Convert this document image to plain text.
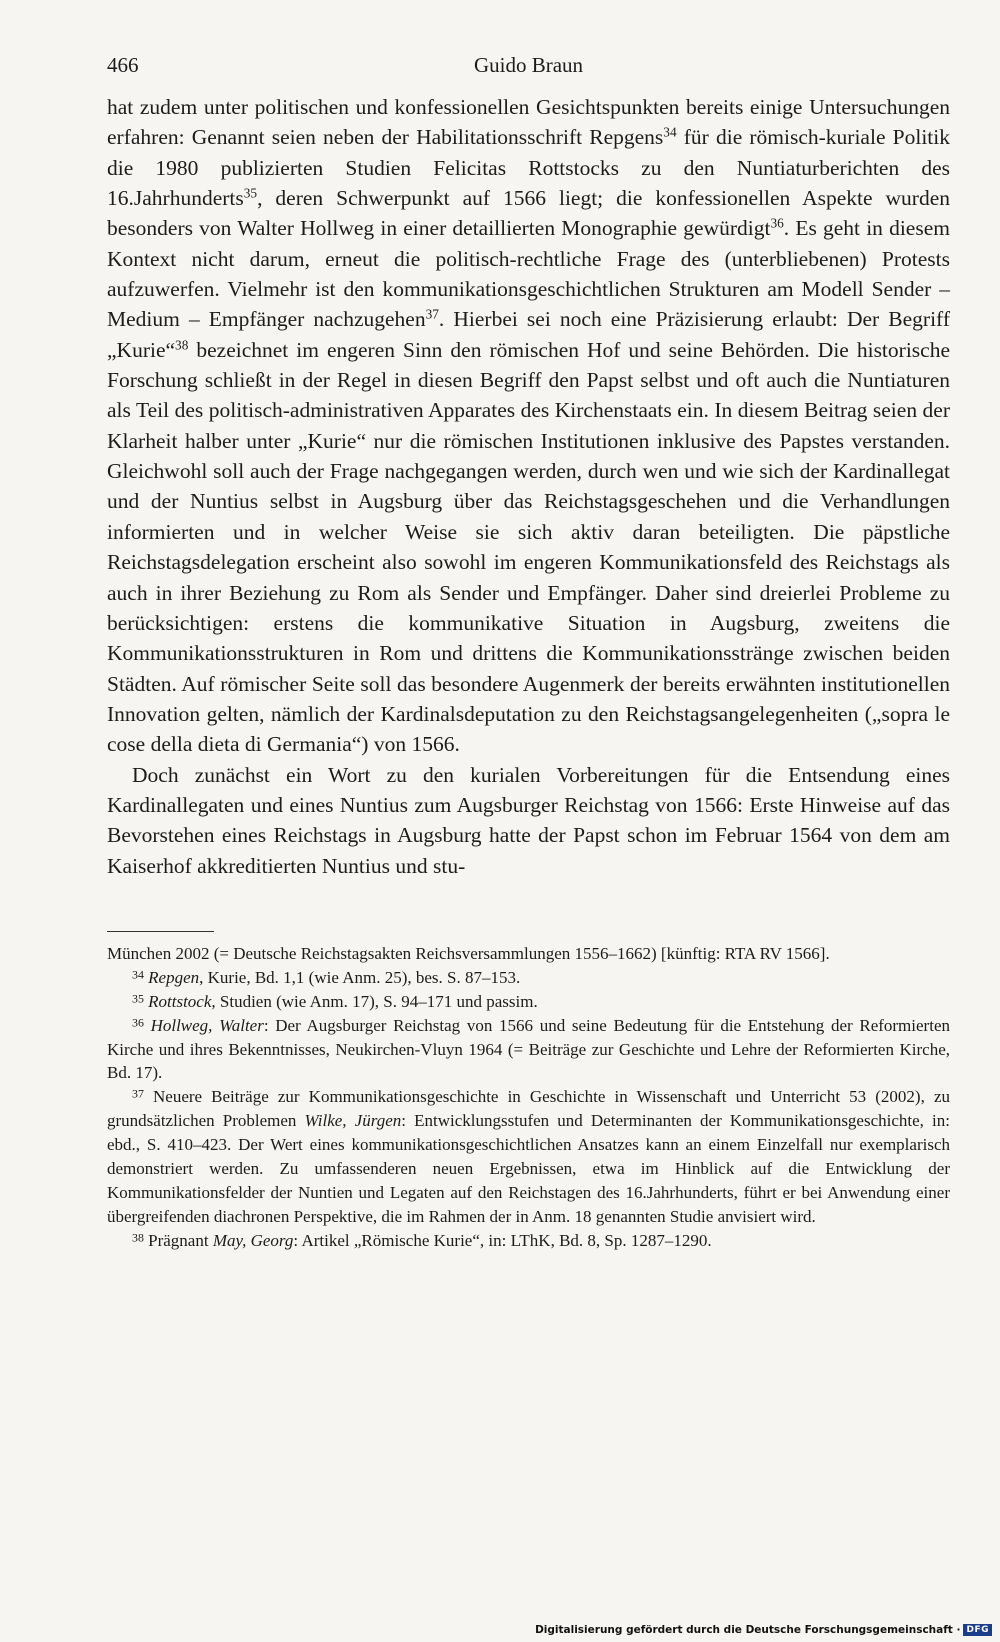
466	Guido Braun

hat zudem unter politischen und konfessionellen Gesichtspunkten bereits einige Untersuchungen erfahren: Genannt seien neben der Habilitationsschrift Repgens$^{34}$ für die römisch-kuriale Politik die 1980 publizierten Studien Felicitas Rottstocks zu den Nuntiaturberichten des 16.Jahrhunderts$^{35}$, deren Schwerpunkt auf 1566 liegt; die konfessionellen Aspekte wurden besonders von Walter Hollweg in einer detaillierten Monographie gewürdigt$^{36}$. Es geht in diesem Kontext nicht darum, erneut die politisch-rechtliche Frage des (unterbliebenen) Protests aufzuwerfen. Vielmehr ist den kommunikationsgeschichtlichen Strukturen am Modell Sender – Medium – Empfänger nachzugehen$^{37}$. Hierbei sei noch eine Präzisierung erlaubt: Der Begriff „Kurie“$^{38}$ bezeichnet im engeren Sinn den römischen Hof und seine Behörden. Die historische Forschung schließt in der Regel in diesen Begriff den Papst selbst und oft auch die Nuntiaturen als Teil des politisch-administrativen Apparates des Kirchenstaats ein. In diesem Beitrag seien der Klarheit halber unter „Kurie“ nur die römischen Institutionen inklusive des Papstes verstanden. Gleichwohl soll auch der Frage nachgegangen werden, durch wen und wie sich der Kardinallegat und der Nuntius selbst in Augsburg über das Reichstagsgeschehen und die Verhandlungen informierten und in welcher Weise sie sich aktiv daran beteiligten. Die päpstliche Reichstagsdelegation erscheint also sowohl im engeren Kommunikationsfeld des Reichstags als auch in ihrer Beziehung zu Rom als Sender und Empfänger. Daher sind dreierlei Probleme zu berücksichtigen: erstens die kommunikative Situation in Augsburg, zweitens die Kommunikationsstrukturen in Rom und drittens die Kommunikationsstränge zwischen beiden Städten. Auf römischer Seite soll das besondere Augenmerk der bereits erwähnten institutionellen Innovation gelten, nämlich der Kardinalsdeputation zu den Reichstagsangelegenheiten („sopra le cose della dieta di Germania“) von 1566.

Doch zunächst ein Wort zu den kurialen Vorbereitungen für die Entsendung eines Kardinallegaten und eines Nuntius zum Augsburger Reichstag von 1566: Erste Hinweise auf das Bevorstehen eines Reichstags in Augsburg hatte der Papst schon im Februar 1564 von dem am Kaiserhof akkreditierten Nuntius und stu-

München 2002 (= Deutsche Reichstagsakten Reichsversammlungen 1556–1662) [künftig: RTA RV 1566].

$^{34}$ Repgen, Kurie, Bd. 1,1 (wie Anm. 25), bes. S. 87–153.

$^{35}$ Rottstock, Studien (wie Anm. 17), S. 94–171 und passim.

$^{36}$ Hollweg, Walter: Der Augsburger Reichstag von 1566 und seine Bedeutung für die Entstehung der Reformierten Kirche und ihres Bekenntnisses, Neukirchen-Vluyn 1964 (= Beiträge zur Geschichte und Lehre der Reformierten Kirche, Bd. 17).

$^{37}$ Neuere Beiträge zur Kommunikationsgeschichte in Geschichte in Wissenschaft und Unterricht 53 (2002), zu grundsätzlichen Problemen Wilke, Jürgen: Entwicklungsstufen und Determinanten der Kommunikationsgeschichte, in: ebd., S. 410–423. Der Wert eines kommunikationsgeschichtlichen Ansatzes kann an einem Einzelfall nur exemplarisch demonstriert werden. Zu umfassenderen neuen Ergebnissen, etwa im Hinblick auf die Entwicklung der Kommunikationsfelder der Nuntien und Legaten auf den Reichstagen des 16.Jahrhunderts, führt er bei Anwendung einer übergreifenden diachronen Perspektive, die im Rahmen der in Anm. 18 genannten Studie anvisiert wird.

$^{38}$ Prägnant May, Georg: Artikel „Römische Kurie“, in: LThK, Bd. 8, Sp. 1287–1290.

Digitalisierung gefördert durch die Deutsche Forschungsgemeinschaft · DFG
